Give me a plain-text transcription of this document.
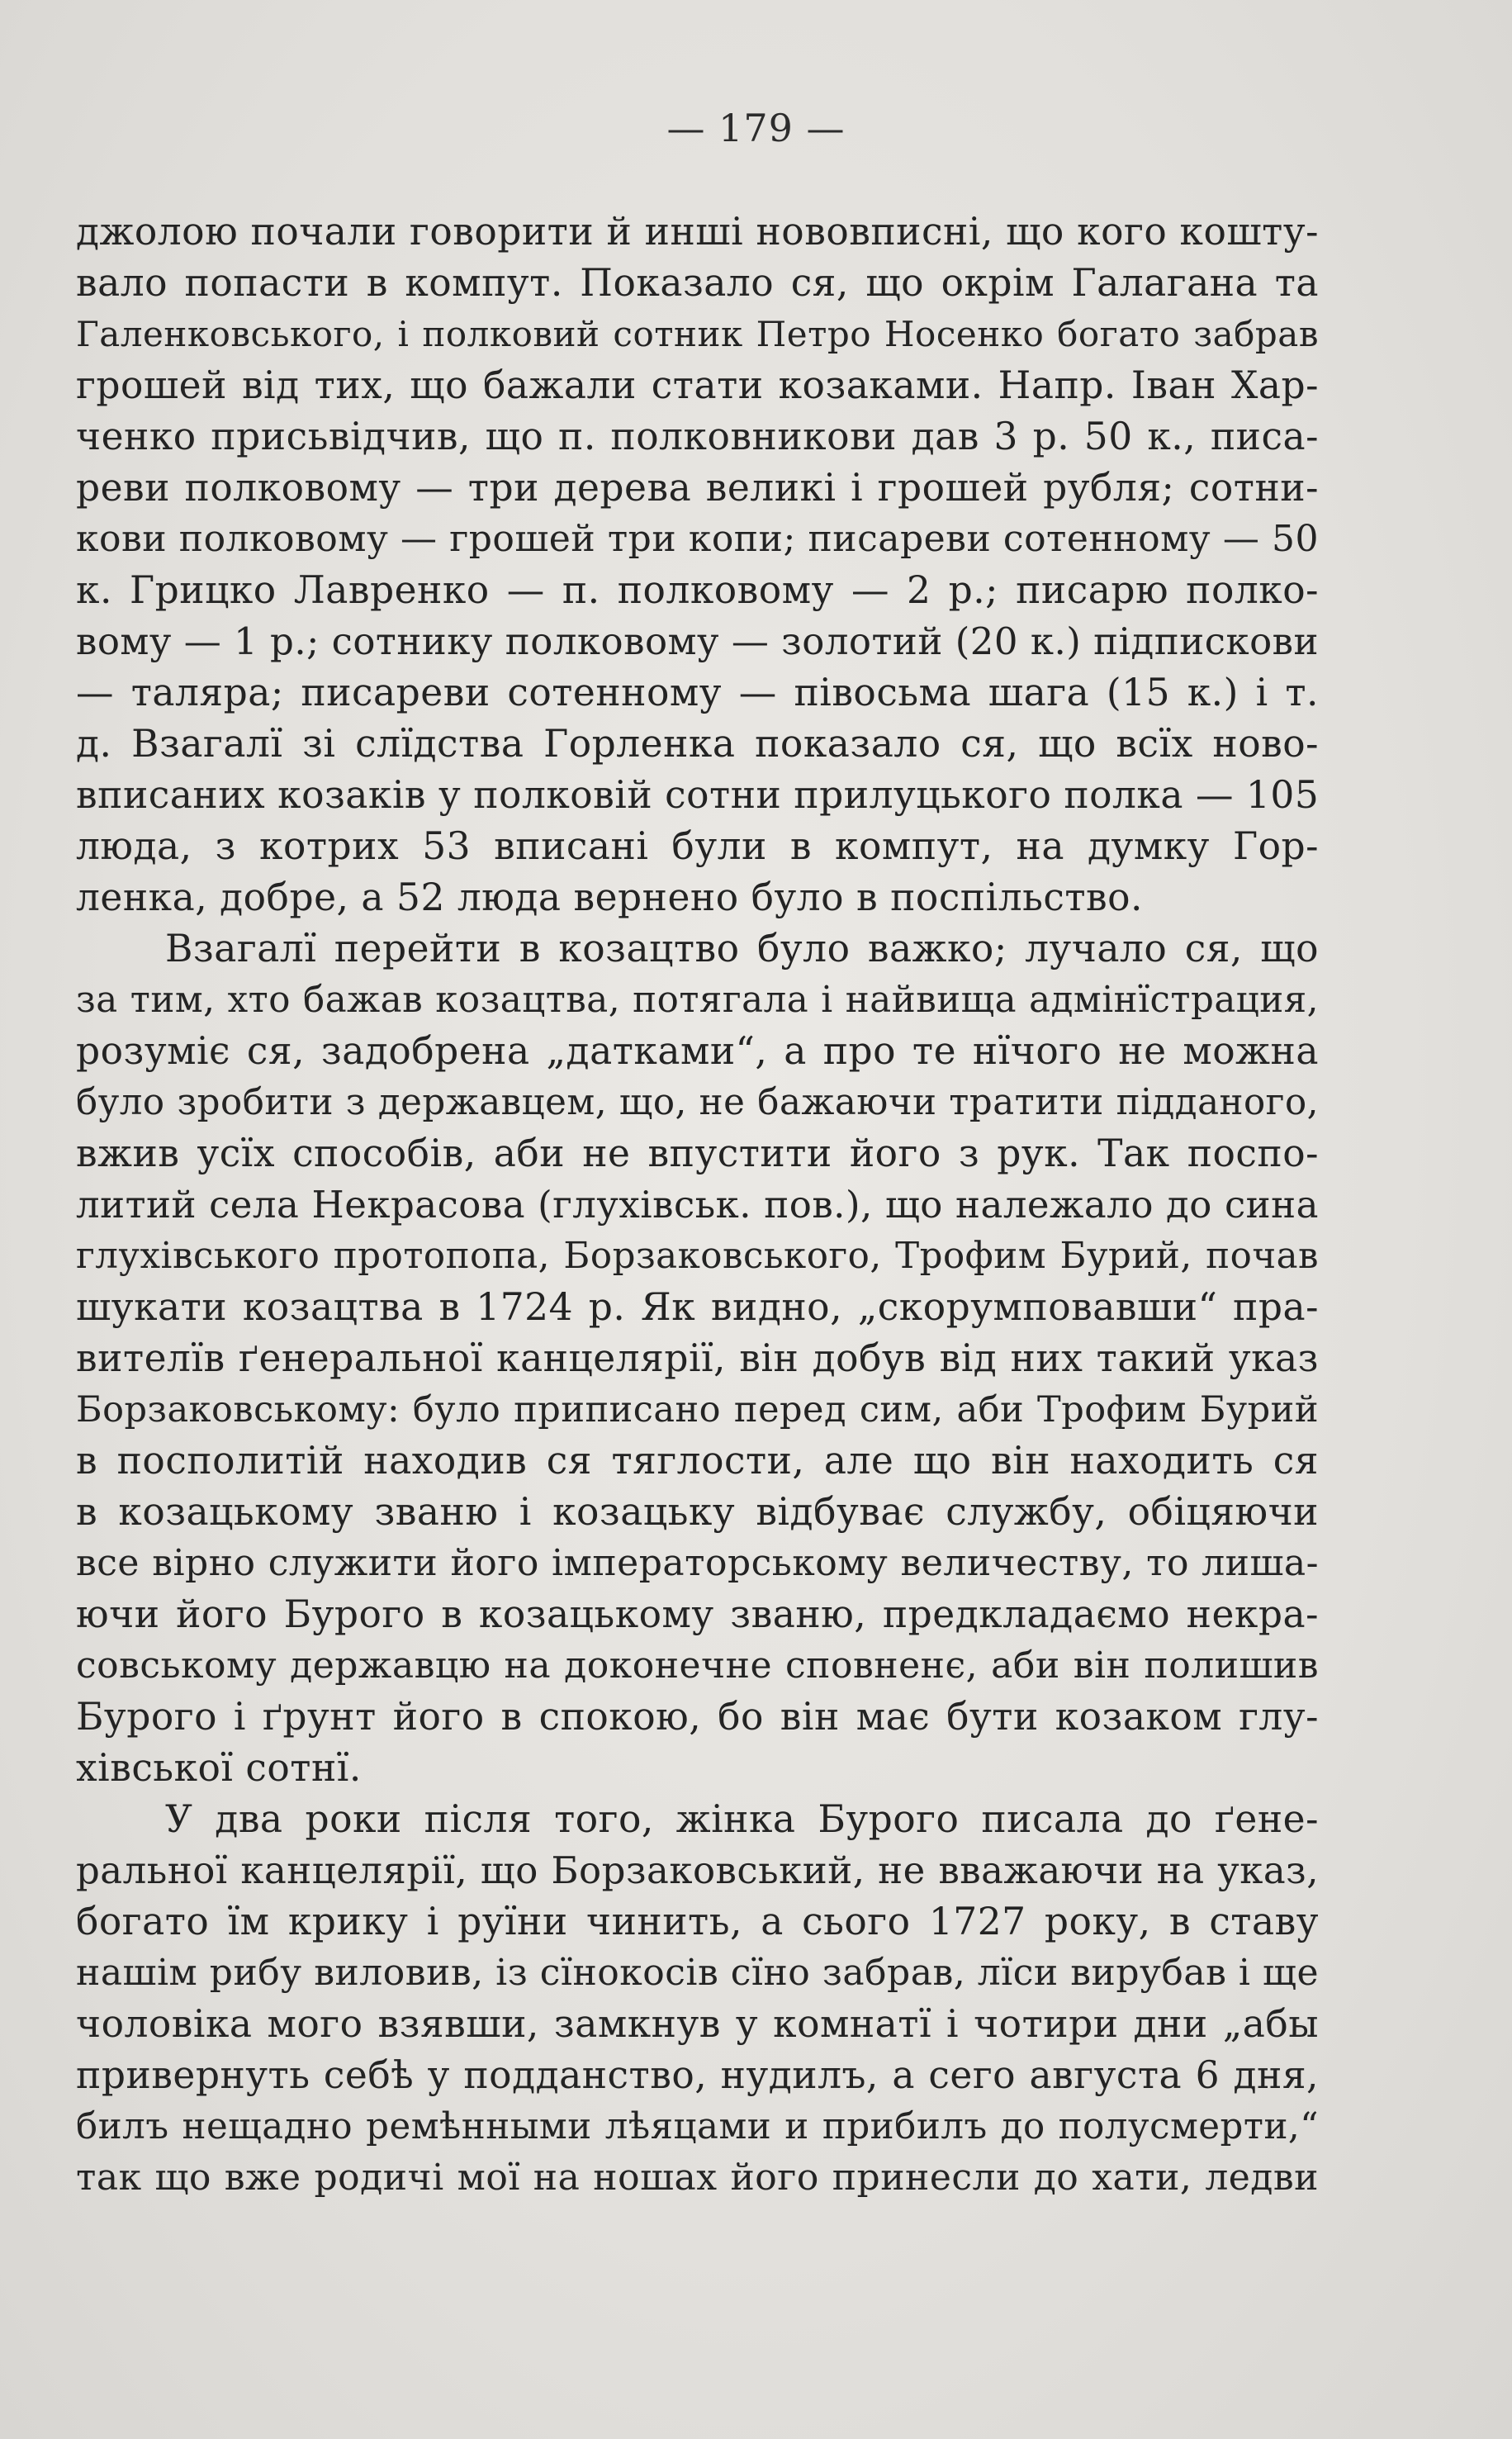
— 179 —
джолою почали говорити й инші нововписні, що кого кошту-
вало попасти в компут. Показало ся, що окрім Галагана та
Галенковського, і полковий сотник Петро Носенко богато забрав
грошей від тих, що бажали стати козаками. Напр. Іван Хар-
ченко присьвідчив, що п. полковникови дав 3 р. 50 к., писа-
реви полковому — три дерева великі і грошей рубля; сотни-
кови полковому — грошей три копи; писареви сотенному — 50
к. Грицко Лавренко — п. полковому — 2 р.; писарю полко-
вому — 1 р.; сотнику полковому — золотий (20 к.) підпискови
— таляра; писареви сотенному — півосьма шага (15 к.) і т.
д. Взагалї зі слїдства Горленка показало ся, що всїх ново-
вписаних козаків у полковій сотни прилуцького полка — 105
люда, з котрих 53 вписані були в компут, на думку Гор-
ленка, добре, а 52 люда вернено було в поспільство.
Взагалї перейти в козацтво було важко; лучало ся, що
за тим, хто бажав козацтва, потягала і найвища адмінїстрация,
розуміє ся, задобрена „датками“, а про те нїчого не можна
було зробити з державцем, що, не бажаючи тратити підданого,
вжив усїх способів, аби не впустити його з рук. Так поспо-
литий села Некрасова (глухівськ. пов.), що належало до сина
глухівського протопопа, Борзаковського, Трофим Бурий, почав
шукати козацтва в 1724 р. Як видно, „скорумповавши“ пра-
вителїв ґенеральної канцелярії, він добув від них такий указ
Борзаковському: було приписано перед сим, аби Трофим Бурий
в посполитій находив ся тяглости, але що він находить ся
в козацькому званю і козацьку відбуває службу, обіцяючи
все вірно служити його імператорському величеству, то лиша-
ючи його Бурого в козацькому званю, предкладаємо некра-
совському державцю на доконечне сповненє, аби він полишив
Бурого і ґрунт його в спокою, бо він має бути козаком глу-
хівської сотнї.
У два роки після того, жінка Бурого писала до ґене-
ральної канцелярії, що Борзаковський, не вважаючи на указ,
богато їм крику і руїни чинить, а сього 1727 року, в ставу
нашім рибу виловив, із сїнокосів сїно забрав, лїси вирубав і ще
чоловіка мого взявши, замкнув у комнатї і чотири дни „абы
привернуть себѣ у подданство, нудилъ, а сего августа 6 дня,
билъ нещадно ремѣнными лѣяцами и прибилъ до полусмерти,“
так що вже родичі мої на ношах його принесли до хати, ледви
